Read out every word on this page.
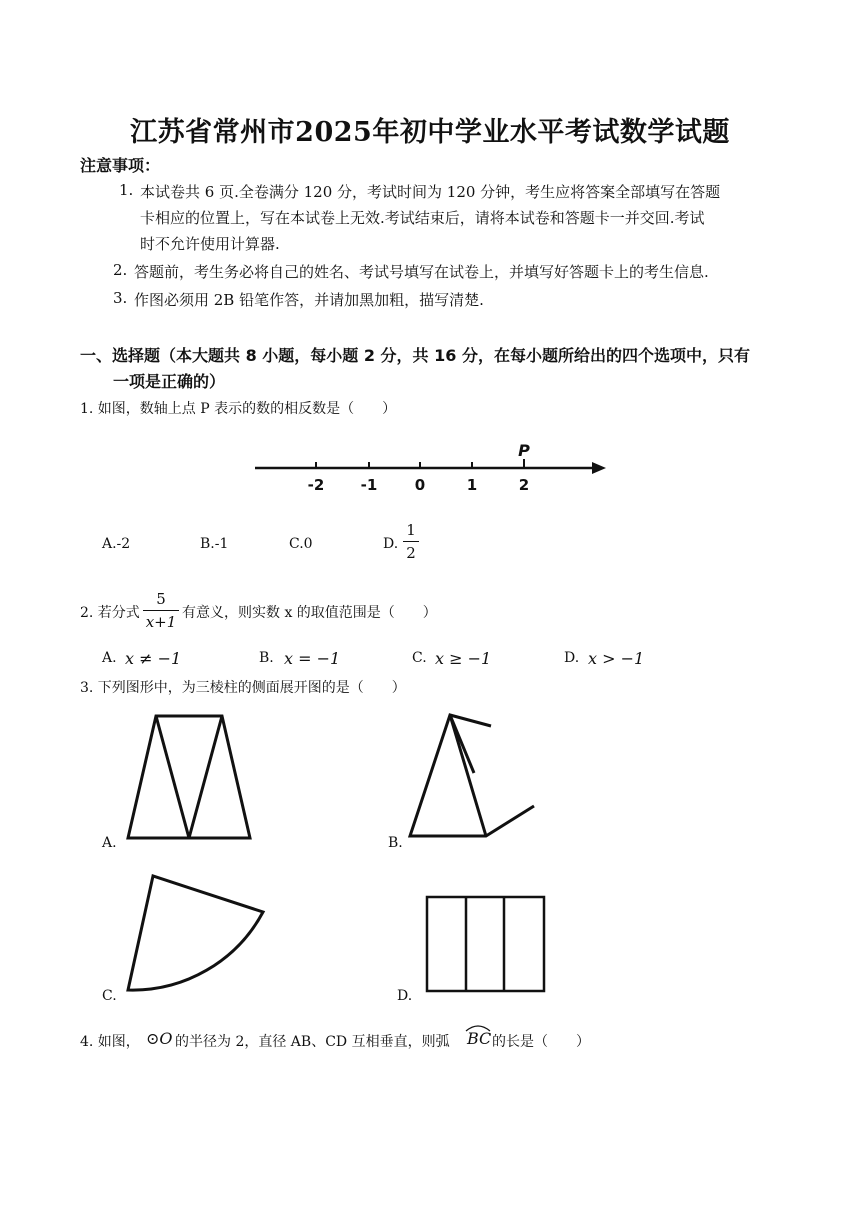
江苏省常州市2025年初中学业水平考试数学试题
注意事项：
1. 本试卷共 6 页.全卷满分 120 分，考试时间为 120 分钟，考生应将答案全部填写在答题
卡相应的位置上，写在本试卷上无效.考试结束后，请将本试卷和答题卡一并交回.考试
时不允许使用计算器.
2. 答题前，考生务必将自己的姓名、考试号填写在试卷上，并填写好答题卡上的考生信息.
3. 作图必须用 2B 铅笔作答，并请加黑加粗，描写清楚.
一、选择题（本大题共 8 小题，每小题 2 分，共 16 分，在每小题所给出的四个选项中，只有
一项是正确的）
1. 如图，数轴上点 P 表示的数的相反数是（　　）
P
-2 -1 0	1	2
A.-2	B.-1	C.0	D.
1
2
2. 若分式
5
x+1 有意义，则实数 x 的取值范围是（　　）
A. x ≠ −1	B. x = −1	C. x ≥ −1	D. x > −1
3. 下列图形中，为三棱柱的侧面展开图的是（　　）
A.	B.
C.	D.
4. 如图， ⊙O 的半径为 2，直径 AB、CD 互相垂直，则弧 BC 的长是（　　）
